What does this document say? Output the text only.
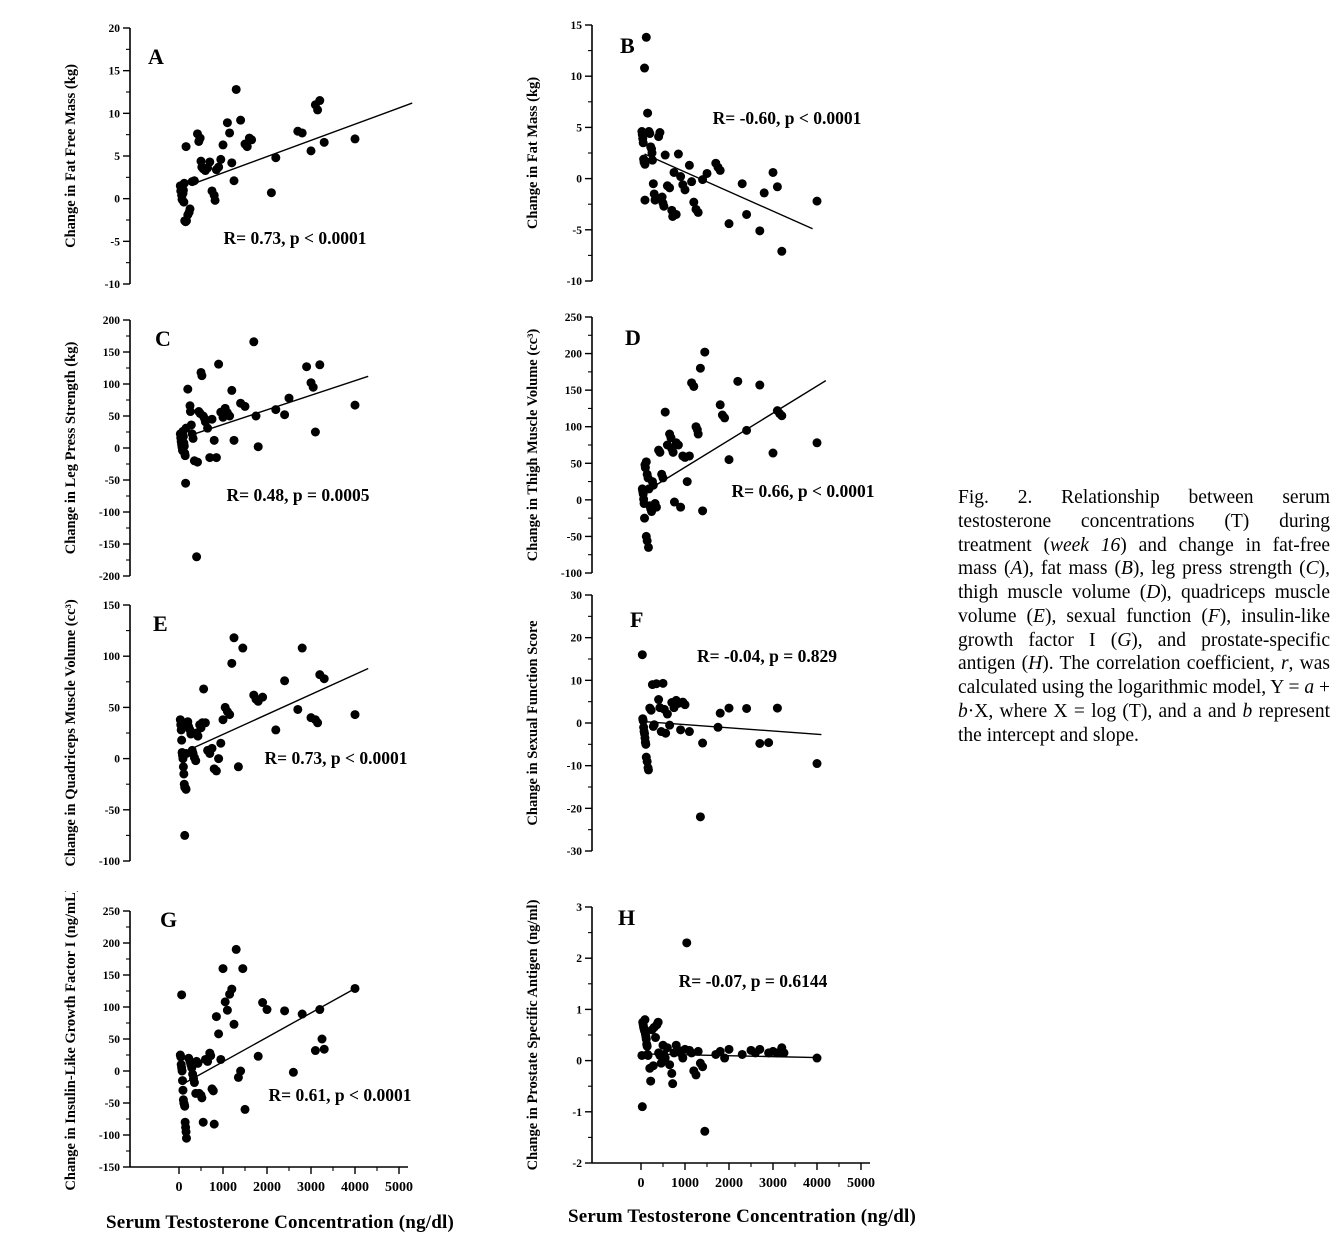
20
15
10
5
0
-5
-10
Change in Fat Free Mass (kg)
A
R= 0.73, p < 0.0001
15
10
5
0
-5
-10
Change in Fat Mass (kg)
B
R= -0.60, p < 0.0001
200
150
100
50
0
-50
-100
-150
-200
Change in Leg Press Strength (kg)
C
R= 0.48, p = 0.0005
250
200
150
100
50
0
-50
-100
Change in Thigh Muscle Volume (cc³)	D
R= 0.66, p < 0.0001
150
100
50
0
-50
-100
Change in Quadriceps Muscle Volume (cc³)	E
R= 0.73, p < 0.0001
30
20
10
0
-10
-20
-30
Change in Sexual Function Score
F
R= -0.04, p = 0.829
250
200
150
100
50
0
-50
-100
-150
Change in Insulin-Like Growth Factor I (ng/mL)	0 1000 2000 3000 4000 5000
G
R= 0.61, p < 0.0001
3
2
1
0
-1
-2
Change in Prostate Specific Antigen (ng/ml)
0 1000 2000 3000 4000 5000
H
R= -0.07, p = 0.6144
Serum Testosterone Concentration (ng/dl)	Serum Testosterone Concentration (ng/dl)
Fig. 2. Relationship between serum testosterone concentrations (T) during treatment (week 16) and change in fat-free mass (A), fat mass (B), leg press strength (C), thigh muscle volume (D), quadriceps muscle volume (E), sexual function (F), insulin-like growth factor I (G), and prostate-specific antigen (H). The correlation coefficient, r, was calculated using the logarithmic model, Y = a + b·X, where X = log (T), and a and b represent the intercept and slope.
